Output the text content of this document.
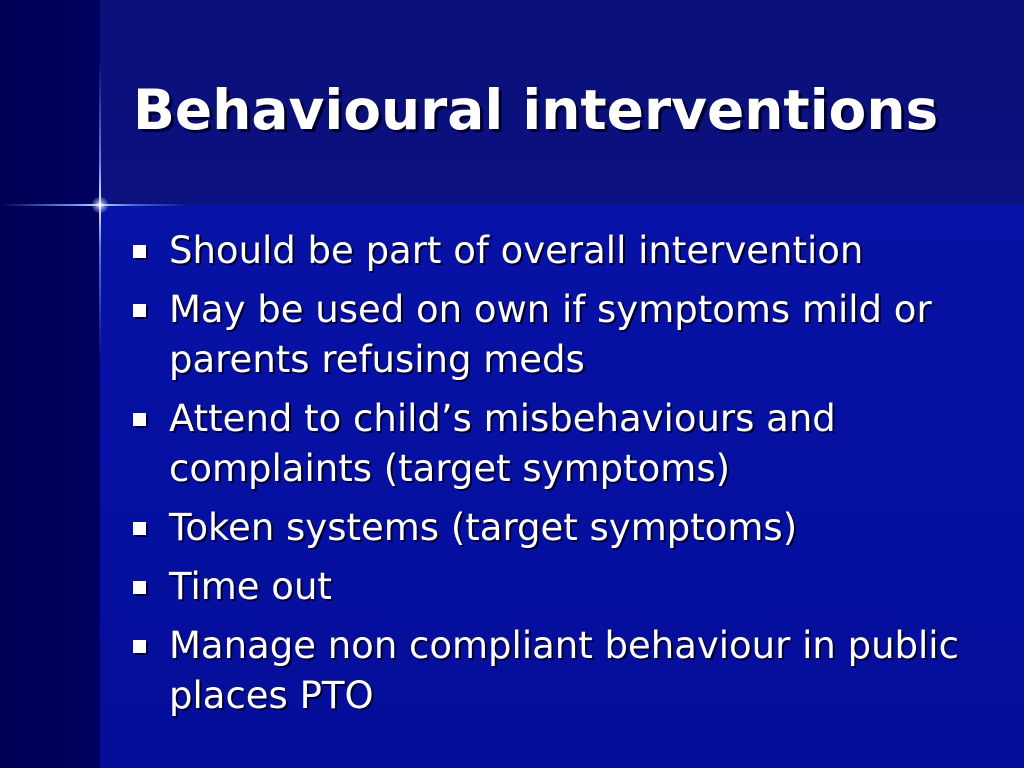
Behavioural interventions
Should be part of overall intervention
May be used on own if symptoms mild or parents refusing meds
Attend to child’s misbehaviours and complaints (target symptoms)
Token systems (target symptoms)
Time out
Manage non compliant behaviour in public places PTO
